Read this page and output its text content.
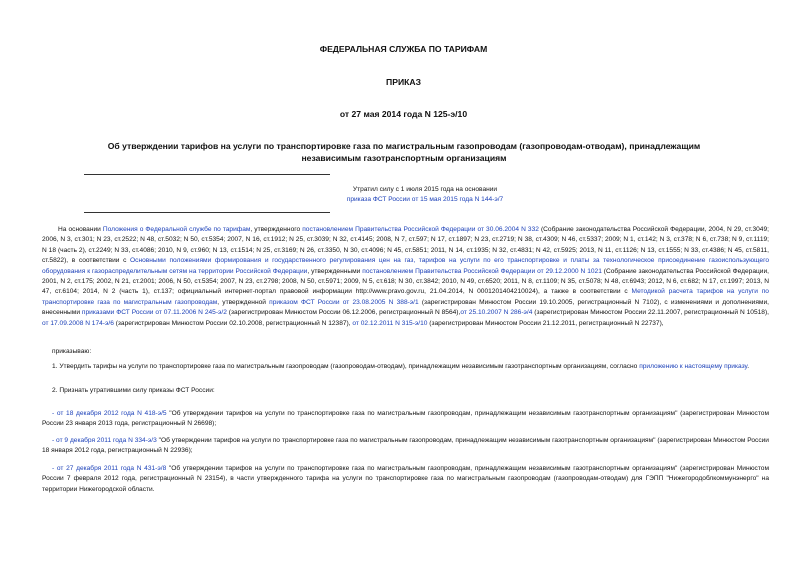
ФЕДЕРАЛЬНАЯ СЛУЖБА ПО ТАРИФАМ
ПРИКАЗ
от 27 мая 2014 года N 125-э/10
Об утверждении тарифов на услуги по транспортировке газа по магистральным газопроводам (газопроводам-отводам), принадлежащим независимым газотранспортным организациям
Утратил силу с 1 июля 2015 года на основании
приказа ФСТ России от 15 мая 2015 года N 144-э/7
На основании Положения о Федеральной службе по тарифам, утвержденного постановлением Правительства Российской Федерации от 30.06.2004 N 332 (Собрание законодательства Российской Федерации, 2004, N 29, ст.3049; 2006, N 3, ст.301; N 23, ст.2522; N 48, ст.5032; N 50, ст.5354; 2007, N 16, ст.1912; N 25, ст.3039; N 32, ст.4145; 2008, N 7, ст.597; N 17, ст.1897; N 23, ст.2719; N 38, ст.4309; N 46, ст.5337; 2009; N 1, ст.142; N 3, ст.378; N 6, ст.738; N 9, ст.1119; N 18 (часть 2), ст.2249; N 33, ст.4086; 2010, N 9, ст.960; N 13, ст.1514; N 25, ст.3169; N 26, ст.3350, N 30, ст.4096; N 45, ст.5851; 2011, N 14, ст.1935; N 32, ст.4831; N 42, ст.5925; 2013, N 11, ст.1126; N 13, ст.1555; N 33, ст.4386; N 45, ст.5811, ст.5822), в соответствии с Основными положениями формирования и государственного регулирования цен на газ, тарифов на услуги по его транспортировке и платы за технологическое присоединение газоиспользующего оборудования к газораспределительным сетям на территории Российской Федерации, утвержденными постановлением Правительства Российской Федерации от 29.12.2000 N 1021 (Собрание законодательства Российской Федерации, 2001, N 2, ст.175; 2002, N 21, ст.2001; 2006, N 50, ст.5354; 2007, N 23, ст.2798; 2008, N 50, ст.5971; 2009, N 5, ст.618; N 30, ст.3842; 2010, N 49, ст.6520; 2011, N 8, ст.1109; N 35, ст.5078; N 48, ст.6943; 2012, N 6, ст.682; N 17, ст.1997; 2013, N 47, ст.6104; 2014, N 2 (часть 1), ст.137; официальный интернет-портал правовой информации http://www.pravo.gov.ru, 21.04.2014, N 0001201404210024), а также в соответствии с Методикой расчета тарифов на услуги по транспортировке газа по магистральным газопроводам, утвержденной приказом ФСТ России от 23.08.2005 N 388-э/1 (зарегистрирован Минюстом России 19.10.2005, регистрационный N 7102), с изменениями и дополнениями, внесенными приказами ФСТ России от 07.11.2006 N 245-э/2 (зарегистрирован Минюстом России 06.12.2006, регистрационный N 8564),от 25.10.2007 N 286-э/4 (зарегистрирован Минюстом России 22.11.2007, регистрационный N 10518), от 17.09.2008 N 174-э/6 (зарегистрирован Минюстом России 02.10.2008, регистрационный N 12387), от 02.12.2011 N 315-э/10 (зарегистрирован Минюстом России 21.12.2011, регистрационный N 22737),
приказываю:
1. Утвердить тарифы на услуги по транспортировке газа по магистральным газопроводам (газопроводам-отводам), принадлежащим независимым газотранспортным организациям, согласно приложению к настоящему приказу.
2. Признать утратившими силу приказы ФСТ России:
- от 18 декабря 2012 года N 418-э/5 "Об утверждении тарифов на услуги по транспортировке газа по магистральным газопроводам, принадлежащим независимым газотранспортным организациям" (зарегистрирован Минюстом России 23 января 2013 года, регистрационный N 26698);
- от 9 декабря 2011 года N 334-э/3 "Об утверждении тарифов на услуги по транспортировке газа по магистральным газопроводам, принадлежащим независимым газотранспортным организациям" (зарегистрирован Минюстом России 18 января 2012 года, регистрационный N 22936);
- от 27 декабря 2011 года N 431-э/8 "Об утверждении тарифов на услуги по транспортировке газа по магистральным газопроводам, принадлежащим независимым газотранспортным организациям" (зарегистрирован Минюстом России 7 февраля 2012 года, регистрационный N 23154), в части утвержденного тарифа на услуги по транспортировке газа по магистральным газопроводам (газопроводам-отводам) для ГЭПП "Нижегородоблкоммунэнерго" на территории Нижегородской области.
